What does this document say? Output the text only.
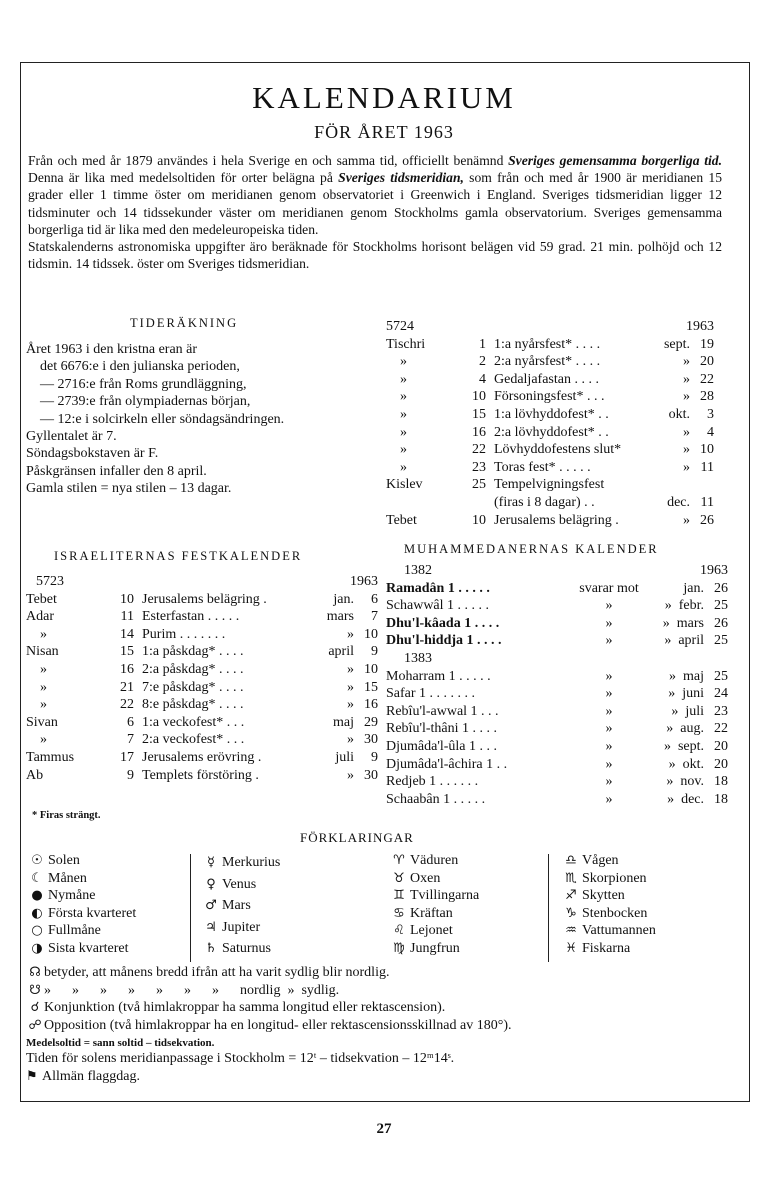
KALENDARIUM
FÖR ÅRET 1963

Från och med år 1879 användes i hela Sverige en och samma tid, officiellt benämnd Sveriges gemensamma borgerliga tid. Denna är lika med medelsoltiden för orter belägna på Sveriges tidsmeridian, som från och med år 1900 är meridianen 15 grader eller 1 timme öster om meridianen genom observatoriet i Greenwich i England. Sveriges tidsmeridian ligger 12 tidsminuter och 14 tidssekunder väster om meridianen genom Stockholms gamla observatorium. Sveriges gemensamma borgerliga tid är lika med den medeleuropeiska tiden.

Statskalenderns astronomiska uppgifter äro beräknade för Stockholms horisont belägen vid 59 grad. 21 min. polhöjd och 12 tidsmin. 14 tidssek. öster om Sveriges tidsmeridian.

TIDERÄKNING
Året 1963 i den kristna eran är
det 6676:e i den julianska perioden,
— 2716:e från Roms grundläggning,
— 2739:e från olympiadernas början,
— 12:e i solcirkeln eller söndagsändringen.
Gyllentalet är 7.
Söndagsbokstaven är F.
Påskgränsen infaller den 8 april.
Gamla stilen = nya stilen – 13 dagar.
5724			1963	
Tischri	1	1:a nyårsfest* . . . .	sept.	19
»	2	2:a nyårsfest* . . . .	»	20
»	4	Gedaljafastan . . . .	»	22
»	10	Försoningsfest* . . .	»	28
»	15	1:a lövhyddofest* . .	okt.	3
»	16	2:a lövhyddofest* . .	»	4
»	22	Lövhyddofestens slut*	»	10
»	23	Toras fest* . . . . .	»	11
Kislev	25	Tempelvigningsfest		
		(firas i 8 dagar) . .	dec.	11
Tebet	10	Jerusalems belägring .	»	26
ISRAELITERNAS FESTKALENDER
5723			1963	
Tebet	10	Jerusalems belägring .	jan.	6
Adar	11	Esterfastan . . . . .	mars	7
»	14	Purim . . . . . . .	»	10
Nisan	15	1:a påskdag* . . . .	april	9
»	16	2:a påskdag* . . . .	»	10
»	21	7:e påskdag* . . . .	»	15
»	22	8:e påskdag* . . . .	»	16
Sivan	6	1:a veckofest* . . .	maj	29
»	7	2:a veckofest* . . .	»	30
Tammus	17	Jerusalems erövring .	juli	9
Ab	9	Templets förstöring .	»	30
* Firas strängt.
MUHAMMEDANERNAS KALENDER
1382		1963	
Ramadân 1 . . . . .	svarar mot	jan.	26
Schawwâl 1 . . . . .	»	»  febr.	25
Dhu'l-kâada 1 . . . .	»	»  mars	26
Dhu'l-hiddja 1 . . . .	»	»  april	25
1383			
Moharram 1 . . . . .	»	»  maj	25
Safar 1 . . . . . . .	»	»  juni	24
Rebîu'l-awwal 1 . . .	»	»  juli	23
Rebîu'l-thâni 1 . . . .	»	»  aug.	22
Djumâda'l-ûla 1 . . .	»	»  sept.	20
Djumâda'l-âchira 1 . .	»	»  okt.	20
Redjeb 1 . . . . . .	»	»  nov.	18
Schaabân 1 . . . . .	»	»  dec.	18
FÖRKLARINGAR
☉ Solen
☾ Månen
● Nymåne
◐ Första kvarteret
○ Fullmåne
◑ Sista kvarteret
☿ Merkurius
♀ Venus
♂ Mars
♃ Jupiter
♄ Saturnus
♈ Väduren
♉ Oxen
♊ Tvillingarna
♋ Kräftan
♌ Lejonet
♍ Jungfrun
♎ Vågen
♏ Skorpionen
♐ Skytten
♑ Stenbocken
♒ Vattumannen
♓ Fiskarna
☊ betyder, att månens bredd ifrån att ha varit sydlig blir nordlig.
☋ »      »      »      »      »      »      »      nordlig  »  sydlig.
☌ Konjunktion (två himlakroppar ha samma longitud eller rektascension).
☍ Opposition (två himlakroppar ha en longitud- eller rektascensionsskillnad av 180°).
Medelsoltid = sann soltid – tidsekvation.
Tiden för solens meridianpassage i Stockholm = 12ᵗ – tidsekvation – 12ᵐ14ˢ.
⚑ Allmän flaggdag.
27
